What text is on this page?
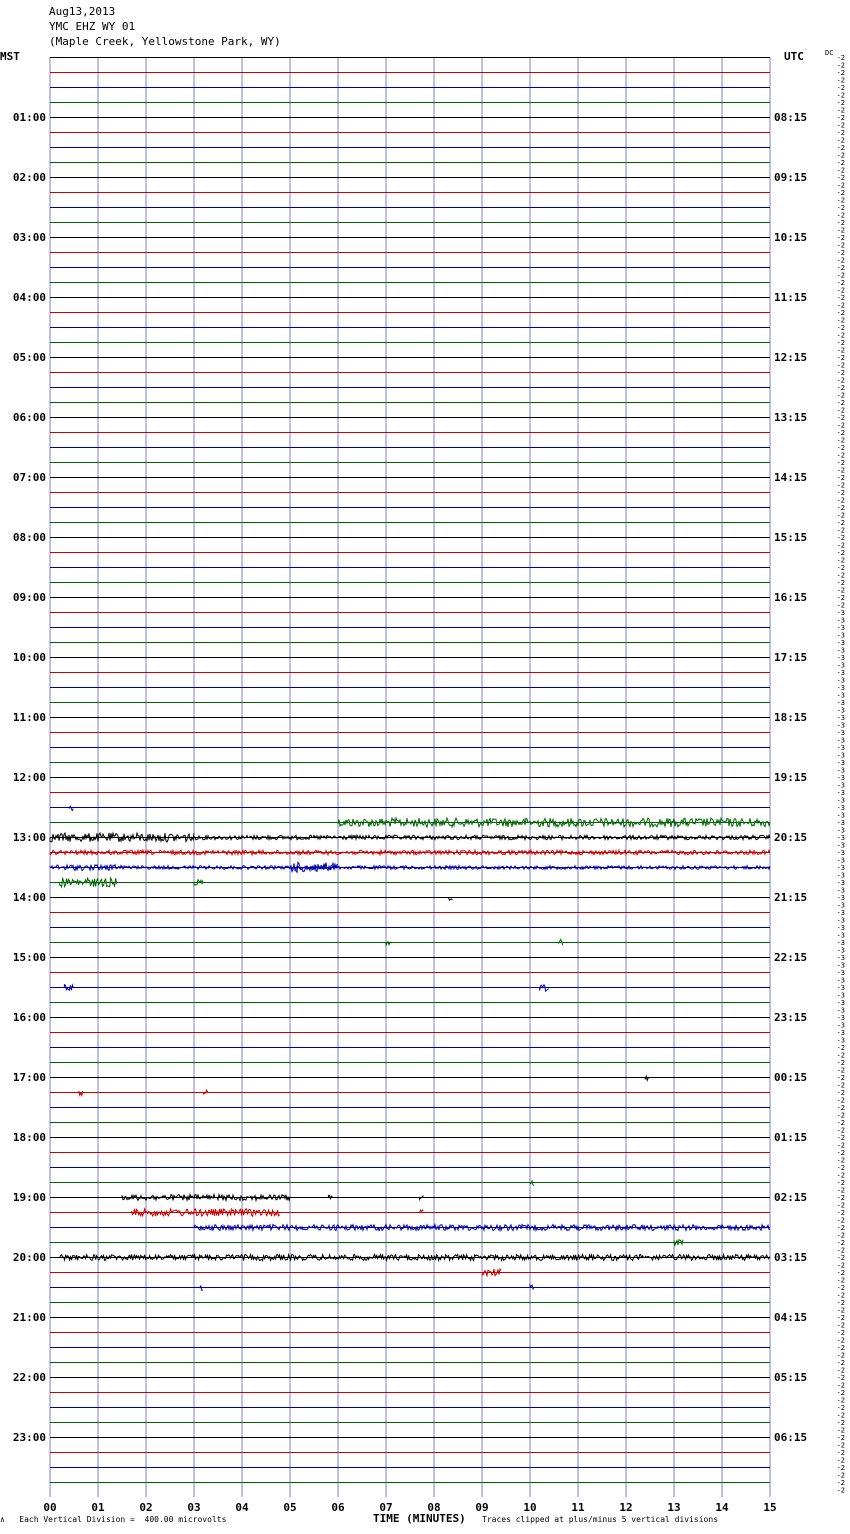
Aug13,2013
YMC EHZ WY 01
(Maple Creek, Yellowstone Park, WY)
MST	UTC	DC
01:00
02:00
03:00
04:00
05:00
06:00
07:00
08:00
09:00
10:00
11:00
12:00
13:00
14:00
15:00
16:00
17:00
18:00
19:00
20:00
21:00
22:00
23:00
08:15
09:15
10:15
11:15
12:15
13:15
14:15
15:15
16:15
17:15
18:15
19:15
20:15
21:15
22:15
23:15
00:15
01:15
02:15
03:15
04:15
05:15
06:15
-2
-2
-2
-2
-2
-2
-2
-2
-2
-2
-2
-2
-2
-2
-2
-2
-2
-2
-2
-2
-2
-2
-2
-2
-2
-2
-2
-2
-2
-2
-2
-2
-2
-2
-2
-2
-2
-2
-2
-2
-2
-2
-2
-2
-2
-2
-2
-2
-2
-2
-2
-2
-2
-2
-2
-2
-2
-2
-2
-2
-2
-2
-2
-2
-2
-2
-2
-2
-2
-2
-2
-2
-2
-2
-3
-3
-3
-3
-3
-3
-3
-3
-3
-3
-3
-3
-3
-3
-3
-3
-3
-3
-3
-3
-3
-3
-3
-3
-3
-3
-3
-3
-3
-3
-3
-3
-3
-3
-3
-3
-3
-3
-3
-3
-3
-3
-3
-3
-3
-3
-3
-3
-3
-3
-3
-3
-3
-3
-3
-3
-3
-3
-2
-2
-2
-2
-2
-2
-2
-2
-2
-2
-2
-2
-2
-2
-2
-2
-2
-2
-2
-2
-2
-2
-2
-2
-2
-2
-2
-2
-2
-2
-2
-2
-2
-2
-2
-2
-2
-2
-2
-2
-2
-2
-2
-2
-2
-2
-2
-2
-2
-2
-2
-2
-2
-2
-2
-2
-2
-2
-2
-2
00	01	02	03	04	05	06	07	08	09	10	11	12	13	14	15
∧ Each Vertical Division =  400.00 microvolts	TIME (MINUTES) Traces clipped at plus/minus 5 vertical divisions
